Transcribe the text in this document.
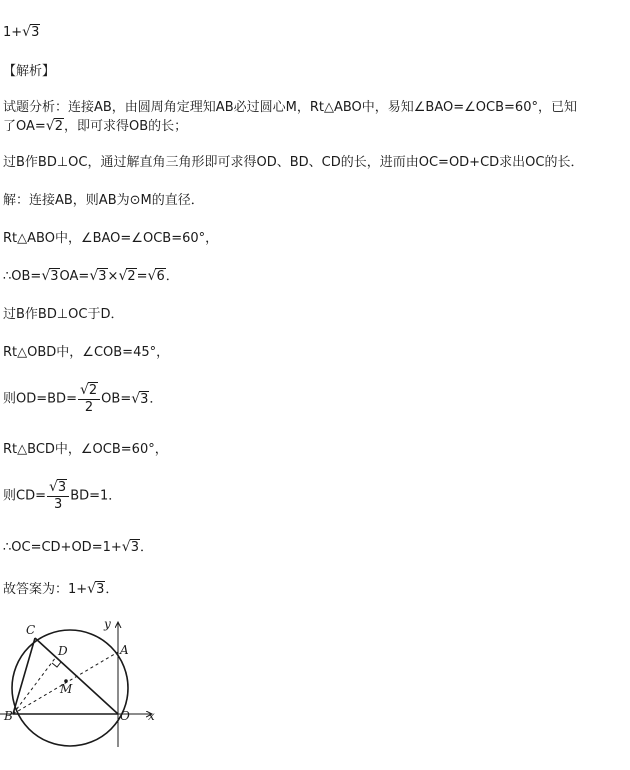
1+ √ 3
【解析】
试题分析：连接AB，由圆周角定理知AB必过圆心M，Rt△ABO中，易知∠BAO=∠OCB=60°，已知
了OA= √ 2 ，即可求得OB的长；
过B作BD⊥OC，通过解直角三角形即可求得OD、BD、CD的长，进而由OC=OD+CD求出OC的长．
解：连接AB，则AB为⊙M的直径．
Rt△ABO中，∠BAO=∠OCB=60°，
∴OB= √ 3 OA= √ 3 × √ 2 = √ 6 ．
过B作BD⊥OC于D．
Rt△OBD中，∠COB=45°，
则$OD=BD= \frac{√ 2}{2} OB=$ √ 3 ．
Rt△BCD中，∠OCB=60°，
则$CD= \frac{√ 3}{3} BD=1$．
∴OC=CD+OD=1+ √ 3 ．
故答案为：1+ √ 3 ．
C
D	A
M
B	O x
y
